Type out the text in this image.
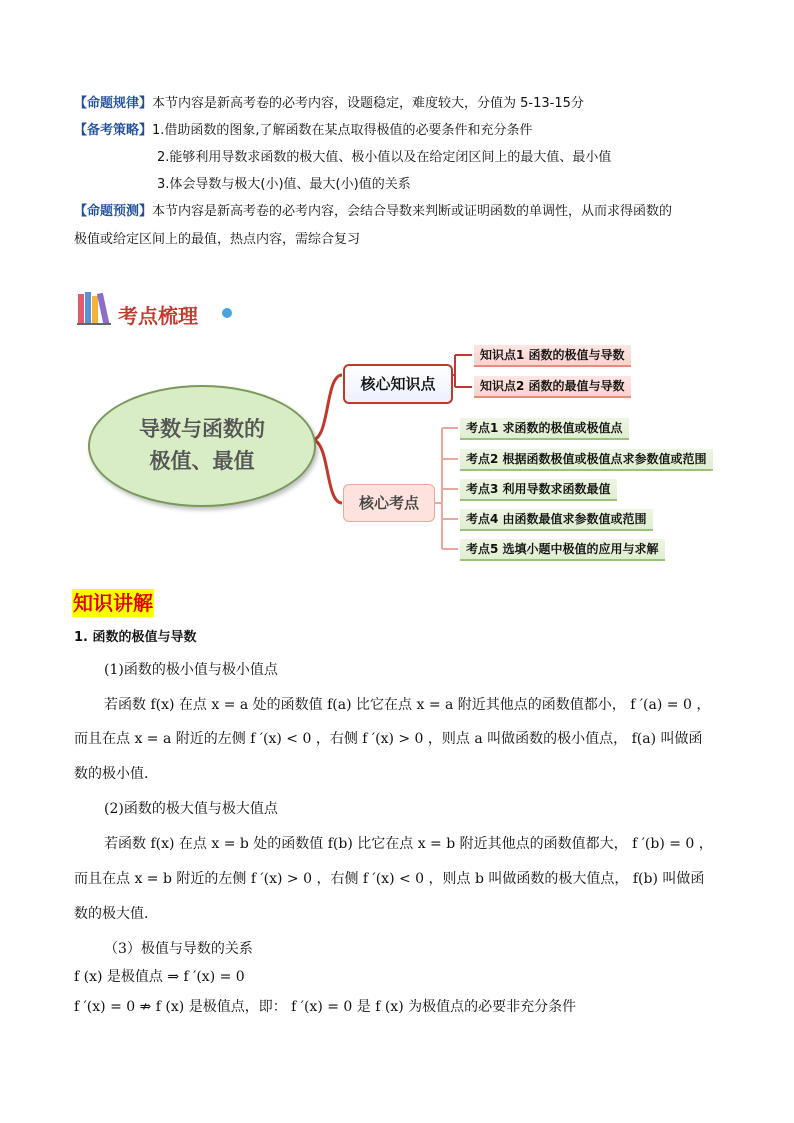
【命题规律】本节内容是新高考卷的必考内容，设题稳定，难度较大，分值为 5-13-15分
【备考策略】1.借助函数的图象,了解函数在某点取得极值的必要条件和充分条件
2.能够利用导数求函数的极大值、极小值以及在给定闭区间上的最大值、最小值
3.体会导数与极大(小)值、最大(小)值的关系
【命题预测】本节内容是新高考卷的必考内容，会结合导数来判断或证明函数的单调性，从而求得函数的
极值或给定区间上的最值，热点内容，需综合复习
考点梳理
导数与函数的
极值、最值
核心知识点
核心考点
知识点1 函数的极值与导数
知识点2 函数的最值与导数
考点1 求函数的极值或极值点
考点2 根据函数极值或极值点求参数值或范围
考点3 利用导数求函数最值
考点4 由函数最值求参数值或范围
考点5 选填小题中极值的应用与求解
知识讲解
1. 函数的极值与导数
(1)函数的极小值与极小值点
若函数 f(x) 在点 x = a 处的函数值 f(a) 比它在点 x = a 附近其他点的函数值都小， f ′(a) = 0 ，
而且在点 x = a 附近的左侧 f ′(x) < 0 ，右侧 f ′(x) > 0 ，则点 a 叫做函数的极小值点， f(a) 叫做函
数的极小值．
(2)函数的极大值与极大值点
若函数 f(x) 在点 x = b 处的函数值 f(b) 比它在点 x = b 附近其他点的函数值都大， f ′(b) = 0 ，
而且在点 x = b 附近的左侧 f ′(x) > 0 ，右侧 f ′(x) < 0 ，则点 b 叫做函数的极大值点， f(b) 叫做函
数的极大值．
（3）极值与导数的关系
f (x) 是极值点 ⇒ f ′(x) = 0
f ′(x) = 0 ⇏ f (x) 是极值点，即： f ′(x) = 0 是 f (x) 为极值点的必要非充分条件
